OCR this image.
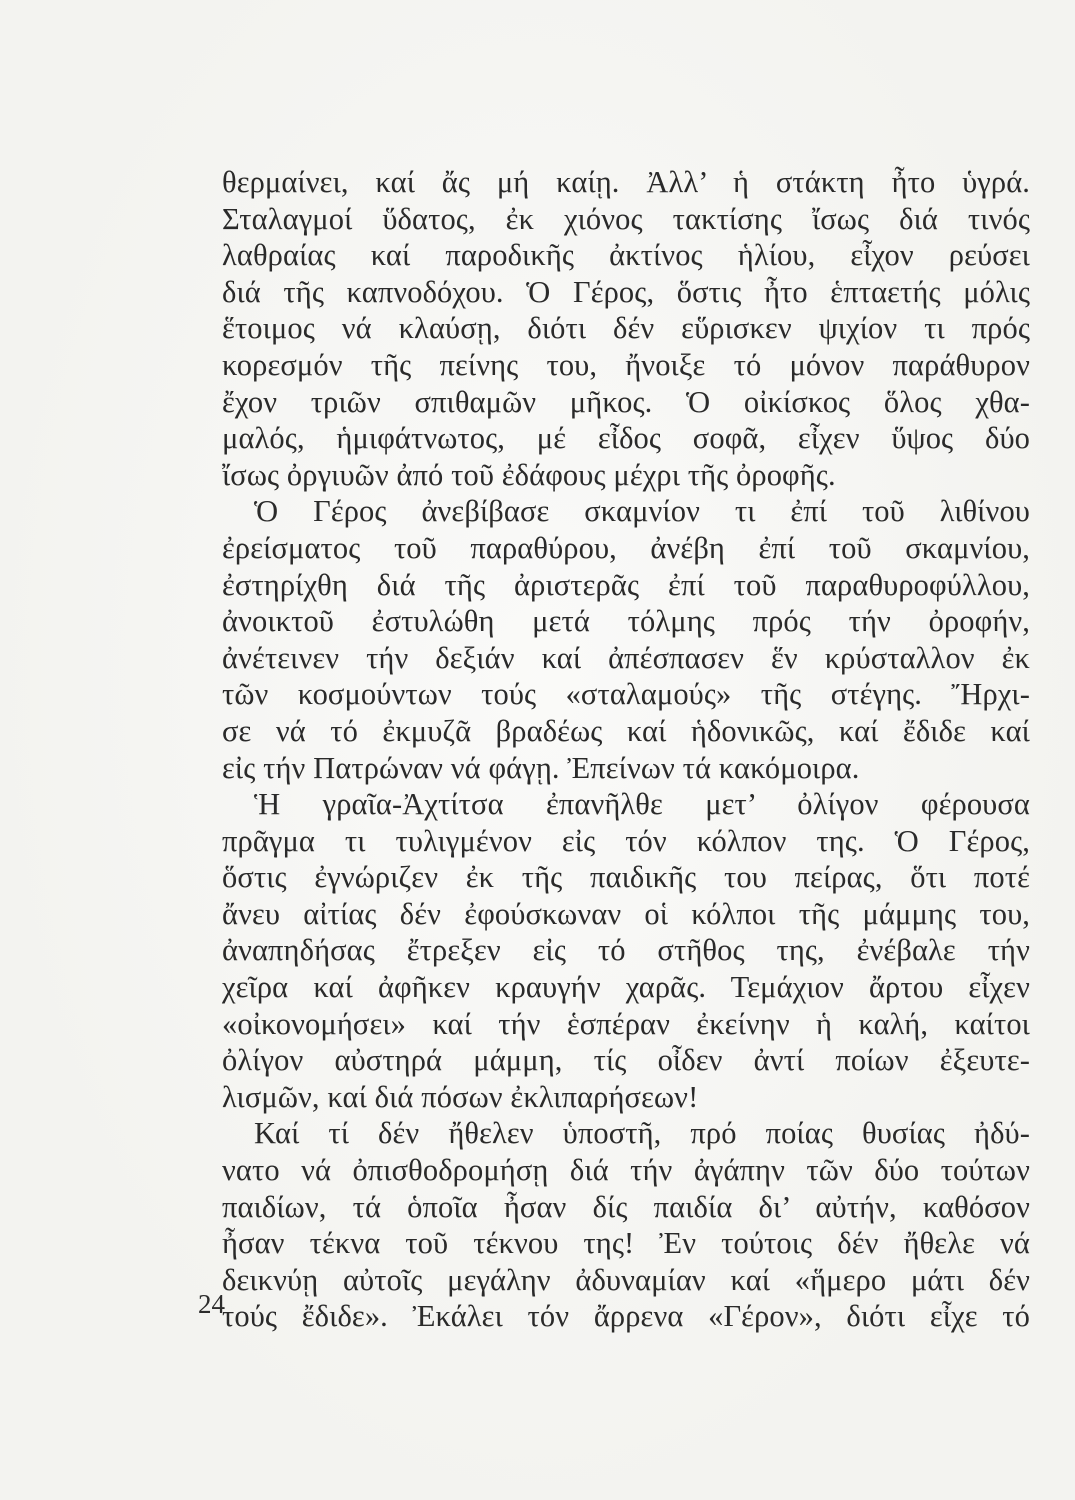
θερμαίνει, καί ἄς μή καίῃ. Ἀλλ’ ἡ στάκτη ἦτο ὑγρά.
Σταλαγμοί ὕδατος, ἐκ χιόνος τακτίσης ἴσως διά τινός
λαθραίας καί παροδικῆς ἀκτίνος ἡλίου, εἶχον ρεύσει
διά τῆς καπνοδόχου. Ὁ Γέρος, ὅστις ἦτο ἑπταετής μόλις
ἕτοιμος νά κλαύσῃ, διότι δέν εὕρισκεν ψιχίον τι πρός
κορεσμόν τῆς πείνης του, ἤνοιξε τό μόνον παράθυρον
ἔχον τριῶν σπιθαμῶν μῆκος. Ὁ οἰκίσκος ὅλος χθα-
μαλός, ἡμιφάτνωτος, μέ εἶδος σοφᾶ, εἶχεν ὕψος δύο
ἴσως ὀργιυῶν ἀπό τοῦ ἐδάφους μέχρι τῆς ὀροφῆς.
Ὁ Γέρος ἀνεβίβασε σκαμνίον τι ἐπί τοῦ λιθίνου
ἐρείσματος τοῦ παραθύρου, ἀνέβη ἐπί τοῦ σκαμνίου,
ἐστηρίχθη διά τῆς ἀριστερᾶς ἐπί τοῦ παραθυροφύλλου,
ἀνοικτοῦ ἐστυλώθη μετά τόλμης πρός τήν ὀροφήν,
ἀνέτεινεν τήν δεξιάν καί ἀπέσπασεν ἕν κρύσταλλον ἐκ
τῶν κοσμούντων τούς «σταλαμούς» τῆς στέγης. Ἤρχι-
σε νά τό ἐκμυζᾶ βραδέως καί ἡδονικῶς, καί ἔδιδε καί
εἰς τήν Πατρώναν νά φάγῃ. Ἐπείνων τά κακόμοιρα.
Ἡ γραῖα-Ἀχτίτσα ἐπανῆλθε μετ’ ὀλίγον φέρουσα
πρᾶγμα τι τυλιγμένον εἰς τόν κόλπον της. Ὁ Γέρος,
ὅστις ἐγνώριζεν ἐκ τῆς παιδικῆς του πείρας, ὅτι ποτέ
ἄνευ αἰτίας δέν ἐφούσκωναν οἱ κόλποι τῆς μάμμης του,
ἀναπηδήσας ἔτρεξεν εἰς τό στῆθος της, ἐνέβαλε τήν
χεῖρα καί ἀφῆκεν κραυγήν χαρᾶς. Τεμάχιον ἄρτου εἶχεν
«οἰκονομήσει» καί τήν ἑσπέραν ἐκείνην ἡ καλή, καίτοι
ὀλίγον αὐστηρά μάμμη, τίς οἶδεν ἀντί ποίων ἐξευτε-
λισμῶν, καί διά πόσων ἐκλιπαρήσεων!
Καί τί δέν ἤθελεν ὑποστῆ, πρό ποίας θυσίας ἠδύ-
νατο νά ὀπισθοδρομήσῃ διά τήν ἀγάπην τῶν δύο τούτων
παιδίων, τά ὁποῖα ἦσαν δίς παιδία δι’ αὐτήν, καθόσον
ἦσαν τέκνα τοῦ τέκνου της! Ἐν τούτοις δέν ἤθελε νά
δεικνύῃ αὐτοῖς μεγάλην ἀδυναμίαν καί «ἥμερο μάτι δέν
τούς ἔδιδε». Ἐκάλει τόν ἄρρενα «Γέρον», διότι εἶχε τό
24
